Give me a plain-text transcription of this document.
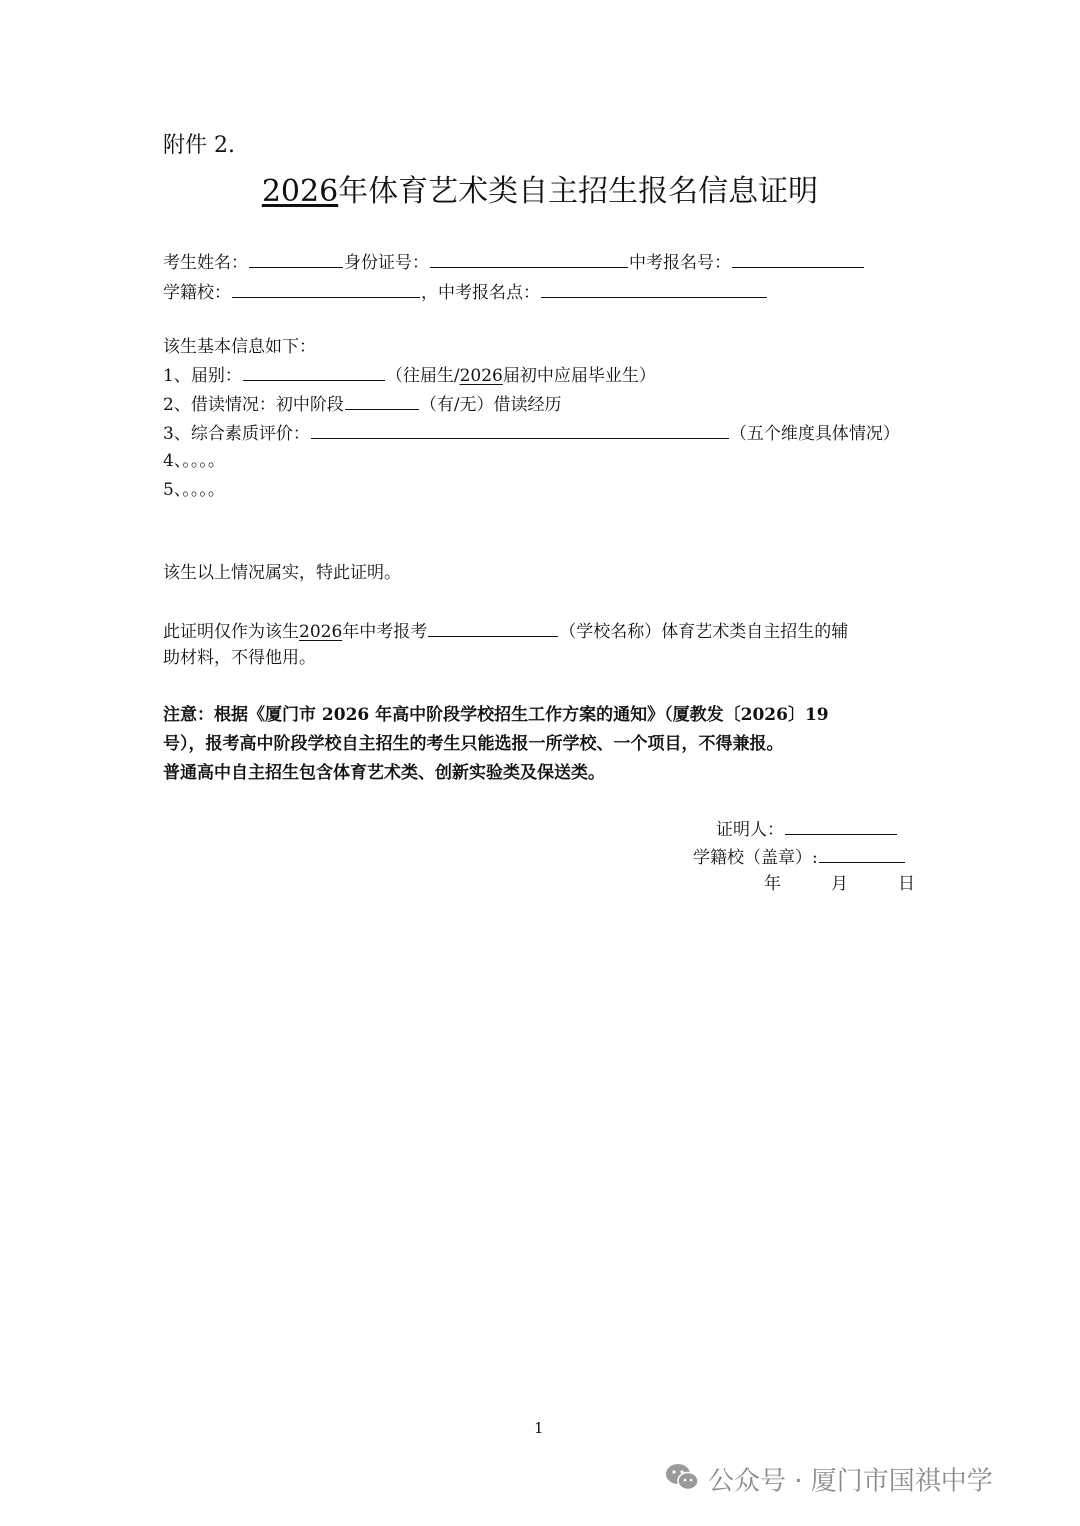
附件 2.
2026年体育艺术类自主招生报名信息证明
考生姓名：	身份证号：	中考报名号：
学籍校：	，中考报名点：
该生基本信息如下：
1、届别：	（往届生/2026届初中应届毕业生）
2、借读情况：初中阶段	（有/无）借读经历
3、综合素质评价：	（五个维度具体情况）
4、。。。。
5、。。。。
该生以上情况属实，特此证明。
此证明仅作为该生2026年中考报考	（学校名称）体育艺术类自主招生的辅
助材料，不得他用。
注意：根据《厦门市 2026 年高中阶段学校招生工作方案的通知》（厦教发〔2026〕19
号），报考高中阶段学校自主招生的考生只能选报一所学校、一个项目，不得兼报。
普通高中自主招生包含体育艺术类、创新实验类及保送类。
证明人：
学籍校（盖章）:
年	月	日
1
公众号 · 厦门市国祺中学
